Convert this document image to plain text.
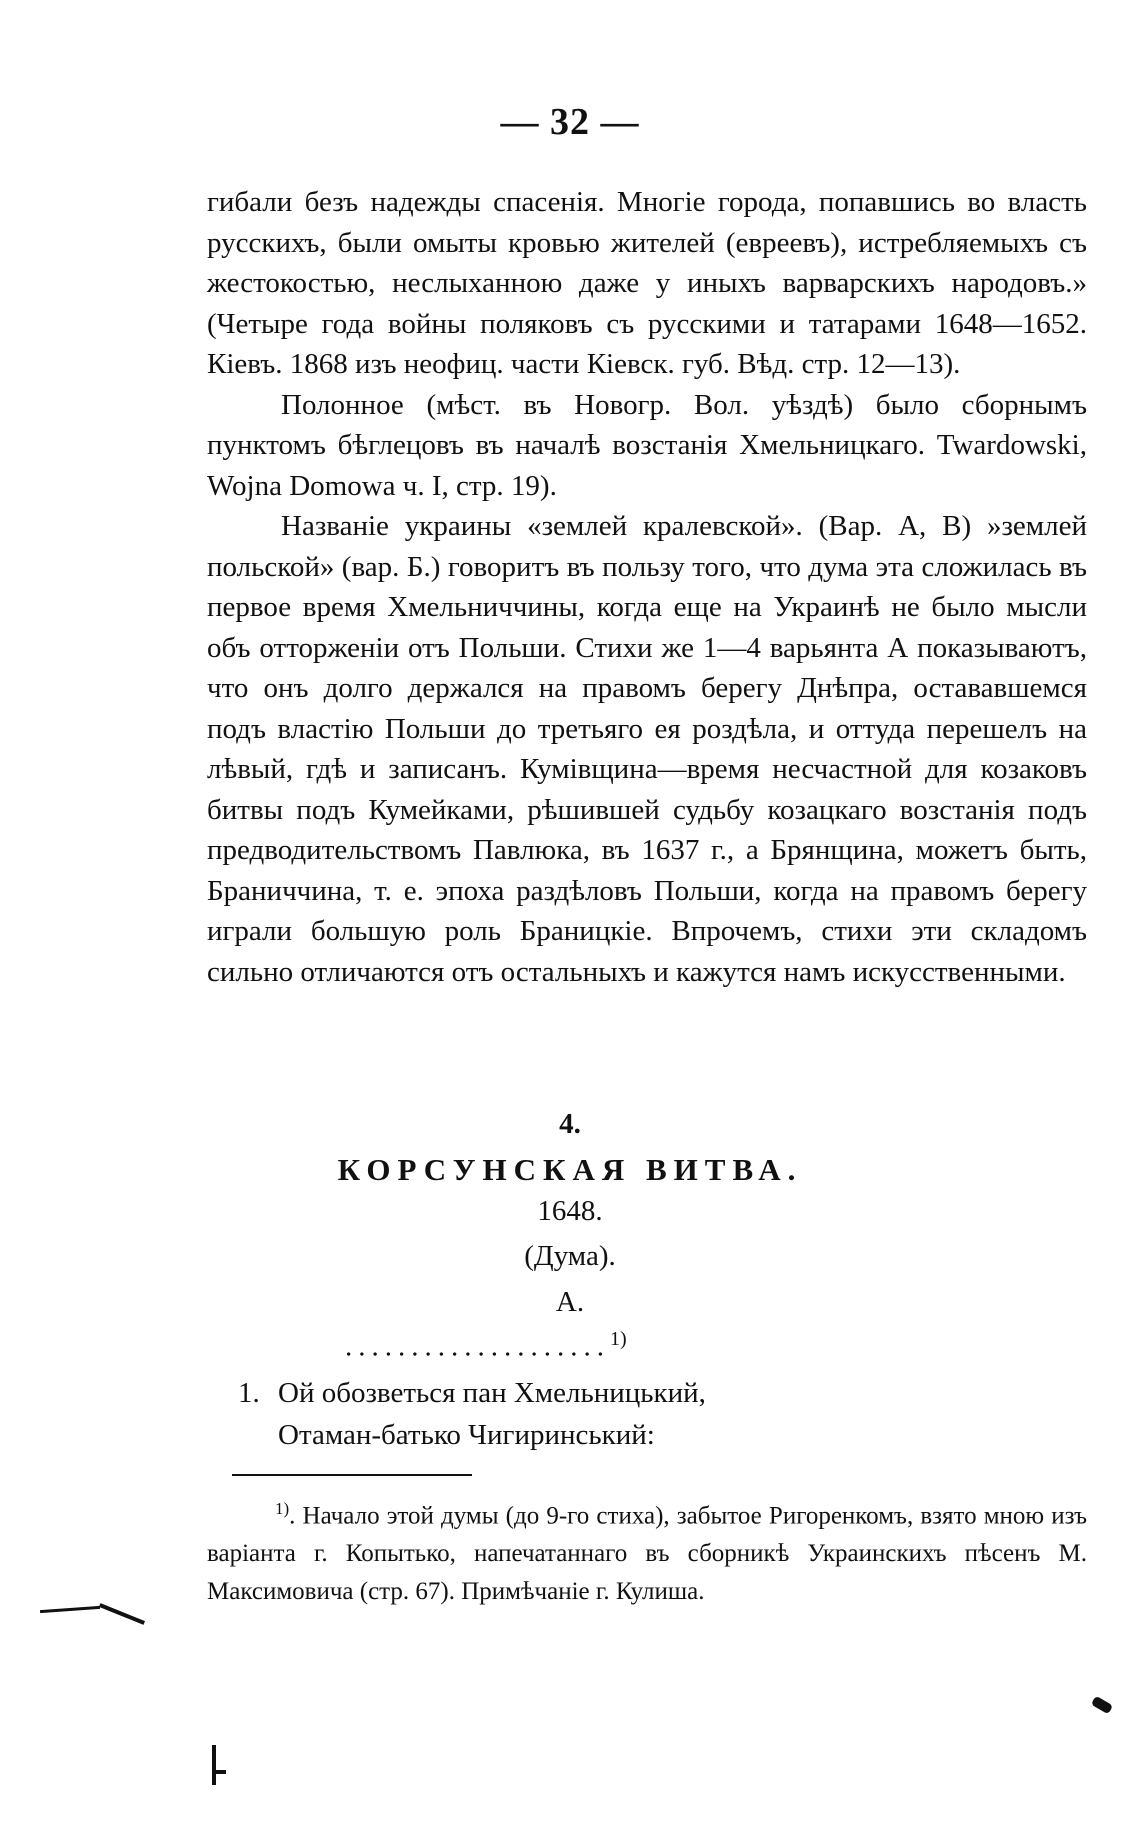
— 32 —

гибали безъ надежды спасенія. Многіе города, попавшись во власть русскихъ, были омыты кровью жителей (евреевъ), истребляемыхъ съ жестокостью, неслыханною даже у иныхъ варварскихъ народовъ.» (Четыре года войны поляковъ съ русскими и татарами 1648—1652. Кіевъ. 1868 изъ неофиц. части Кіевск. губ. Вѣд. стр. 12—13).

Полонное (мѣст. въ Новогр. Вол. уѣздѣ) было сборнымъ пунктомъ бѣглецовъ въ началѣ возстанія Хмельницкаго. Twardowski, Wojna Domowa ч. I, стр. 19).

Названіе украины «землей кралевской». (Вар. А, В) »землей польской» (вар. Б.) говоритъ въ пользу того, что дума эта сложилась въ первое время Хмельниччины, когда еще на Украинѣ не было мысли объ отторженіи отъ Польши. Стихи же 1—4 варьянта А показываютъ, что онъ долго держался на правомъ берегу Днѣпра, остававшемся подъ властію Польши до третьяго ея роздѣла, и оттуда перешелъ на лѣвый, гдѣ и записанъ. Кумівщина—время несчастной для козаковъ битвы подъ Кумейками, рѣшившей судьбу козацкаго возстанія подъ предводительствомъ Павлюка, въ 1637 г., а Брянщина, можетъ быть, Браниччина, т. е. эпоха раздѣловъ Польши, когда на правомъ берегу играли большую роль Браницкіе. Впрочемъ, стихи эти складомъ сильно отличаются отъ остальныхъ и кажутся намъ искусственными.

4.
КОРСУНСКАЯ ВИТВА.
1648.
(Дума).
А.
....................$^{1)}$
1. Ой обозветься пан Хмельницький,
Отаман-батько Чигиринський:
$^{1)}$. Начало этой думы (до 9-го стиха), забытое Ригоренкомъ, взято мною изъ варіанта г. Копытько, напечатаннаго въ сборникѣ Украинскихъ пѣсенъ М. Максимовича (стр. 67). Примѣчаніе г. Кулиша.
